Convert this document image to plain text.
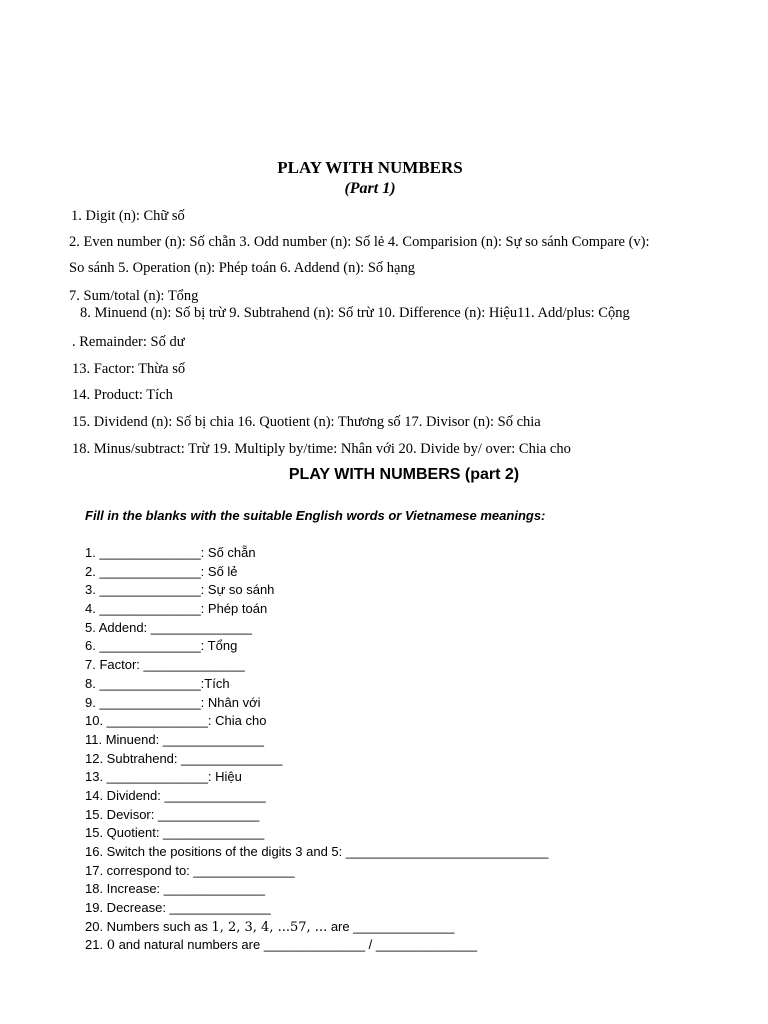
PLAY WITH NUMBERS
(Part 1)
1. Digit (n): Chữ số
2. Even number (n): Số chẵn 3. Odd number (n): Số lẻ 4. Comparision (n): Sự so sánh Compare (v):
So sánh 5. Operation (n): Phép toán 6. Addend (n): Số hạng
7. Sum/total (n): Tổng
8. Minuend (n): Số bị trừ 9. Subtrahend (n): Số trừ 10. Difference (n): Hiệu11. Add/plus: Cộng
. Remainder: Số dư
13. Factor: Thừa số
14. Product: Tích
15. Dividend (n): Số bị chia 16. Quotient (n): Thương số 17. Divisor (n): Số chia
18. Minus/subtract: Trừ 19. Multiply by/time: Nhân với 20. Divide by/ over: Chia cho
PLAY WITH NUMBERS (part 2)
Fill in the blanks with the suitable English words or Vietnamese meanings:
1. ______________: Số chẵn
2. ______________: Số lẻ
3. ______________: Sự so sánh
4. ______________: Phép toán
5. Addend: ______________
6. ______________: Tổng
7. Factor: ______________
8. ______________:Tích
9. ______________: Nhân với
10. ______________: Chia cho
11. Minuend: ______________
12. Subtrahend: ______________
13. ______________: Hiệu
14. Dividend: ______________
15. Devisor: ______________
15. Quotient: ______________
16. Switch the positions of the digits 3 and 5: ____________________________
17. correspond to: ______________
18. Increase: ______________
19. Decrease: ______________
20. Numbers such as 1, 2, 3, 4, ...57, ... are ______________
21. 0 and natural numbers are ______________ / ______________
